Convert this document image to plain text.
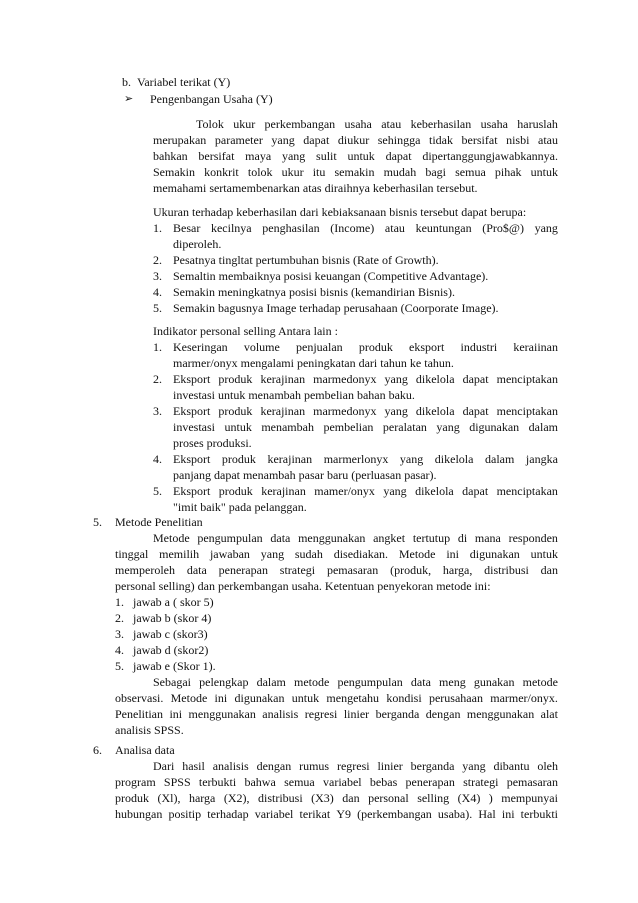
b. Variabel terikat (Y)
➢ Pengenbangan Usaha (Y)
Tolok ukur perkembangan usaha atau keberhasilan usaha haruslah
merupakan parameter yang dapat diukur sehingga tidak bersifat nisbi atau
bahkan bersifat maya yang sulit untuk dapat dipertanggungjawabkannya.
Semakin konkrit tolok ukur itu semakin mudah bagi semua pihak untuk
memahami sertamembenarkan atas diraihnya keberhasilan tersebut.
Ukuran terhadap keberhasilan dari kebiaksanaan bisnis tersebut dapat berupa:
1. Besar kecilnya penghasilan (Income) atau keuntungan (Pro$@) yang
diperoleh.
2. Pesatnya tingltat pertumbuhan bisnis (Rate of Growth).
3. Semaltin membaiknya posisi keuangan (Competitive Advantage).
4. Semakin meningkatnya posisi bisnis (kemandirian Bisnis).
5. Semakin bagusnya Image terhadap perusahaan (Coorporate Image).
Indikator personal selling Antara lain :
1. Keseringan volume penjualan produk eksport industri keraiinan
marmer/onyx mengalami peningkatan dari tahun ke tahun.
2. Eksport produk kerajinan marmedonyx yang dikelola dapat menciptakan
investasi untuk menambah pembelian bahan baku.
3. Eksport produk kerajinan marmedonyx yang dikelola dapat menciptakan
investasi untuk menambah pembelian peralatan yang digunakan dalam
proses produksi.
4. Eksport produk kerajinan marmerlonyx yang dikelola dalam jangka
panjang dapat menambah pasar baru (perluasan pasar).
5. Eksport produk kerajinan mamer/onyx yang dikelola dapat menciptakan
"imit baik" pada pelanggan.
5. Metode Penelitian
Metode pengumpulan data menggunakan angket tertutup di mana responden
tinggal memilih jawaban yang sudah disediakan. Metode ini digunakan untuk
memperoleh data penerapan strategi pemasaran (produk, harga, distribusi dan
personal selling) dan perkembangan usaha. Ketentuan penyekoran metode ini:
1. jawab a ( skor 5)
2. jawab b (skor 4)
3. jawab c (skor3)
4. jawab d (skor2)
5. jawab e (Skor 1).
Sebagai pelengkap dalam metode pengumpulan data meng gunakan metode
observasi. Metode ini digunakan untuk mengetahu kondisi perusahaan marmer/onyx.
Penelitian ini menggunakan analisis regresi linier berganda dengan menggunakan alat
analisis SPSS.
6. Analisa data
Dari hasil analisis dengan rumus regresi linier berganda yang dibantu oleh
program SPSS terbukti bahwa semua variabel bebas penerapan strategi pemasaran
produk (Xl), harga (X2), distribusi (X3) dan personal selling (X4) ) mempunyai
hubungan positip terhadap variabel terikat Y9 (perkembangan usaba). Hal ini terbukti
